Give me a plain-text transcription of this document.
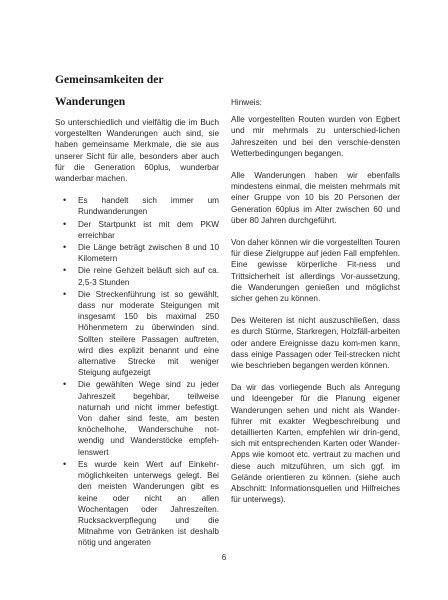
Gemeinsamkeiten der
Wanderungen

So unterschiedlich und vielfältig die im Buch vorgestellten Wanderungen auch sind, sie haben gemeinsame Merkmale, die sie aus unserer Sicht für alle, besonders aber auch für die Generation 60plus, wunderbar wanderbar machen.

• Es handelt sich immer um Rundwanderungen
• Der Startpunkt ist mit dem PKW erreichbar
• Die Länge beträgt zwischen 8 und 10 Kilometern
• Die reine Gehzeit beläuft sich auf ca. 2,5-3 Stunden
• Die Streckenführung ist so gewählt, dass nur moderate Steigungen mit insgesamt 150 bis maximal 250 Höhenmetern zu überwinden sind. Sollten steilere Passagen auftreten, wird dies explizit benannt und eine alternative Strecke mit weniger Steigung aufgezeigt
• Die gewählten Wege sind zu jeder Jahreszeit begehbar, teilweise naturnah und nicht immer befestigt. Von daher sind feste, am besten knöchelhohe, Wanderschuhe not-wendig und Wanderstöcke empfeh-lenswert
• Es wurde kein Wert auf Einkehr-möglichkeiten unterwegs gelegt. Bei den meisten Wanderungen gibt es keine oder nicht an allen Wochentagen oder Jahreszeiten. Rucksackverpflegung und die Mitnahme von Getränken ist deshalb nötig und angeraten

Hinweis:

Alle vorgestellten Routen wurden von Egbert und mir mehrmals zu unterschied-lichen Jahreszeiten und bei den verschie-densten Wetterbedingungen begangen.

Alle Wanderungen haben wir ebenfalls mindestens einmal, die meisten mehrmals mit einer Gruppe von 10 bis 20 Personen der Generation 60plus im Alter zwischen 60 und über 80 Jahren durchgeführt.

Von daher können wir die vorgestellten Touren für diese Zielgruppe auf jeden Fall empfehlen. Eine gewisse körperliche Fit-ness und Trittsicherheit ist allerdings Vor-aussetzung, die Wanderungen genießen und möglichst sicher gehen zu können.

Des Weiteren ist nicht auszuschließen, dass es durch Stürme, Starkregen, Holzfäll-arbeiten oder andere Ereignisse dazu kom-men kann, dass einige Passagen oder Teil-strecken nicht wie beschrieben begangen werden können.

Da wir das vorliegende Buch als Anregung und Ideengeber für die Planung eigener Wanderungen sehen und nicht als Wander-führer mit exakter Wegbeschreibung und detaillierten Karten, empfehlen wir drin-gend, sich mit entsprechenden Karten oder Wander-Apps wie komoot etc. vertraut zu machen und diese auch mitzuführen, um sich ggf. im Gelände orientieren zu können. (siehe auch Abschnitt: Informationsquellen und Hilfreiches für unterwegs).

6
